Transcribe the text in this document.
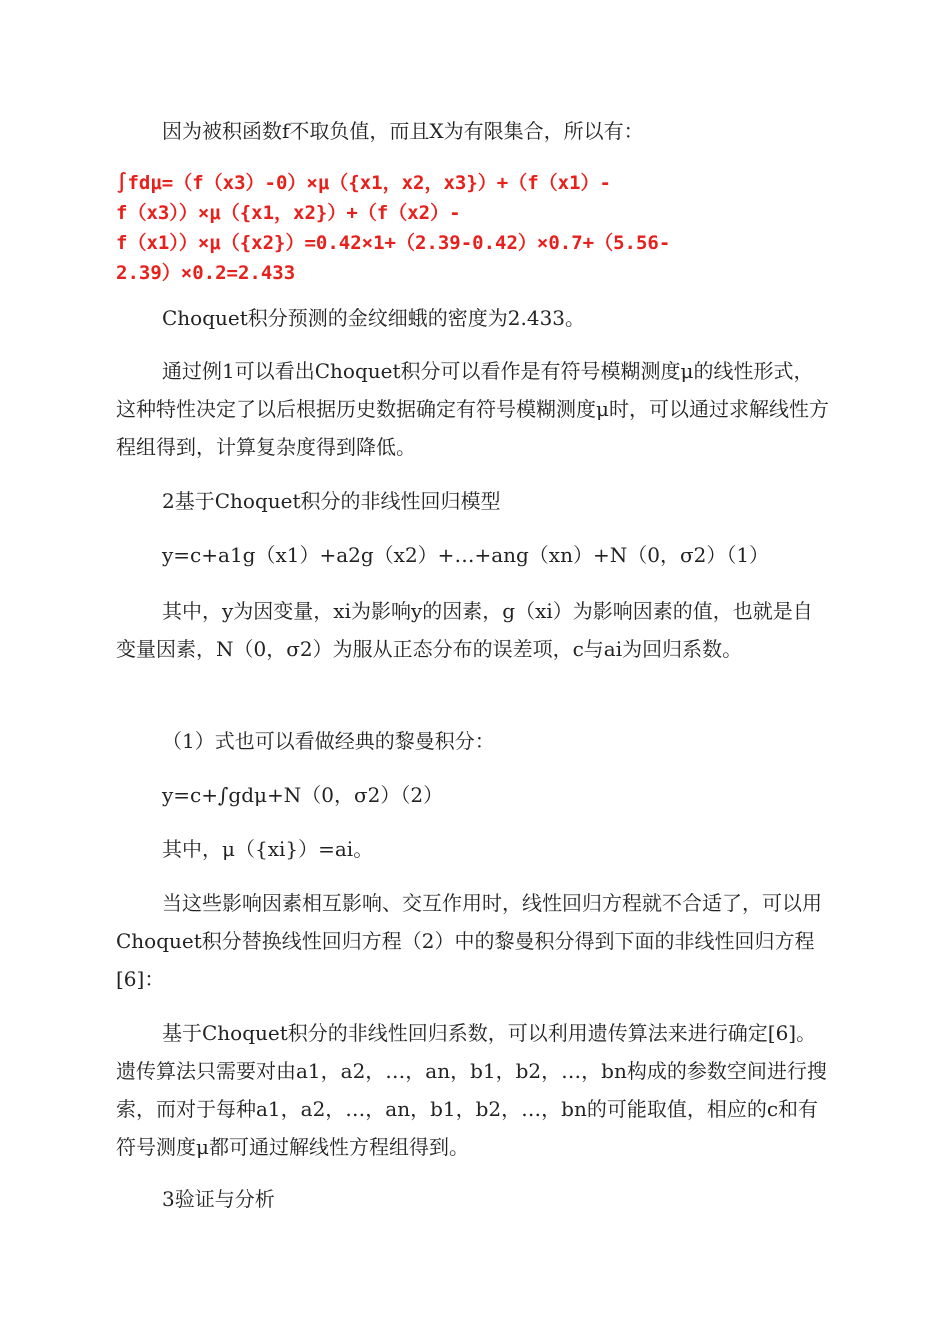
因为被积函数f不取负值，而且X为有限集合，所以有：

∫fdμ=（f（x3）-0）×μ（{x1，x2，x3}）+（f（x1）-
f（x3））×μ（{x1，x2}）+（f（x2）-
f（x1））×μ（{x2}）=0.42×1+（2.39-0.42）×0.7+（5.56-
2.39）×0.2=2.433

Choquet积分预测的金纹细蛾的密度为2.433。

通过例1可以看出Choquet积分可以看作是有符号模糊测度μ的线性形式，这种特性决定了以后根据历史数据确定有符号模糊测度μ时，可以通过求解线性方程组得到，计算复杂度得到降低。

2基于Choquet积分的非线性回归模型

y=c+a1g（x1）+a2g（x2）+…+ang（xn）+N（0，σ2）（1）

其中，y为因变量，xi为影响y的因素，g（xi）为影响因素的值，也就是自变量因素，N（0，σ2）为服从正态分布的误差项，c与ai为回归系数。

（1）式也可以看做经典的黎曼积分：

y=c+∫gdμ+N（0，σ2）（2）

其中，μ（{xi}）=ai。

当这些影响因素相互影响、交互作用时，线性回归方程就不合适了，可以用Choquet积分替换线性回归方程（2）中的黎曼积分得到下面的非线性回归方程[6]：

基于Choquet积分的非线性回归系数，可以利用遗传算法来进行确定[6]。遗传算法只需要对由a1，a2，…，an，b1，b2，…，bn构成的参数空间进行搜索，而对于每种a1，a2，…，an，b1，b2，…，bn的可能取值，相应的c和有符号测度μ都可通过解线性方程组得到。

3验证与分析
